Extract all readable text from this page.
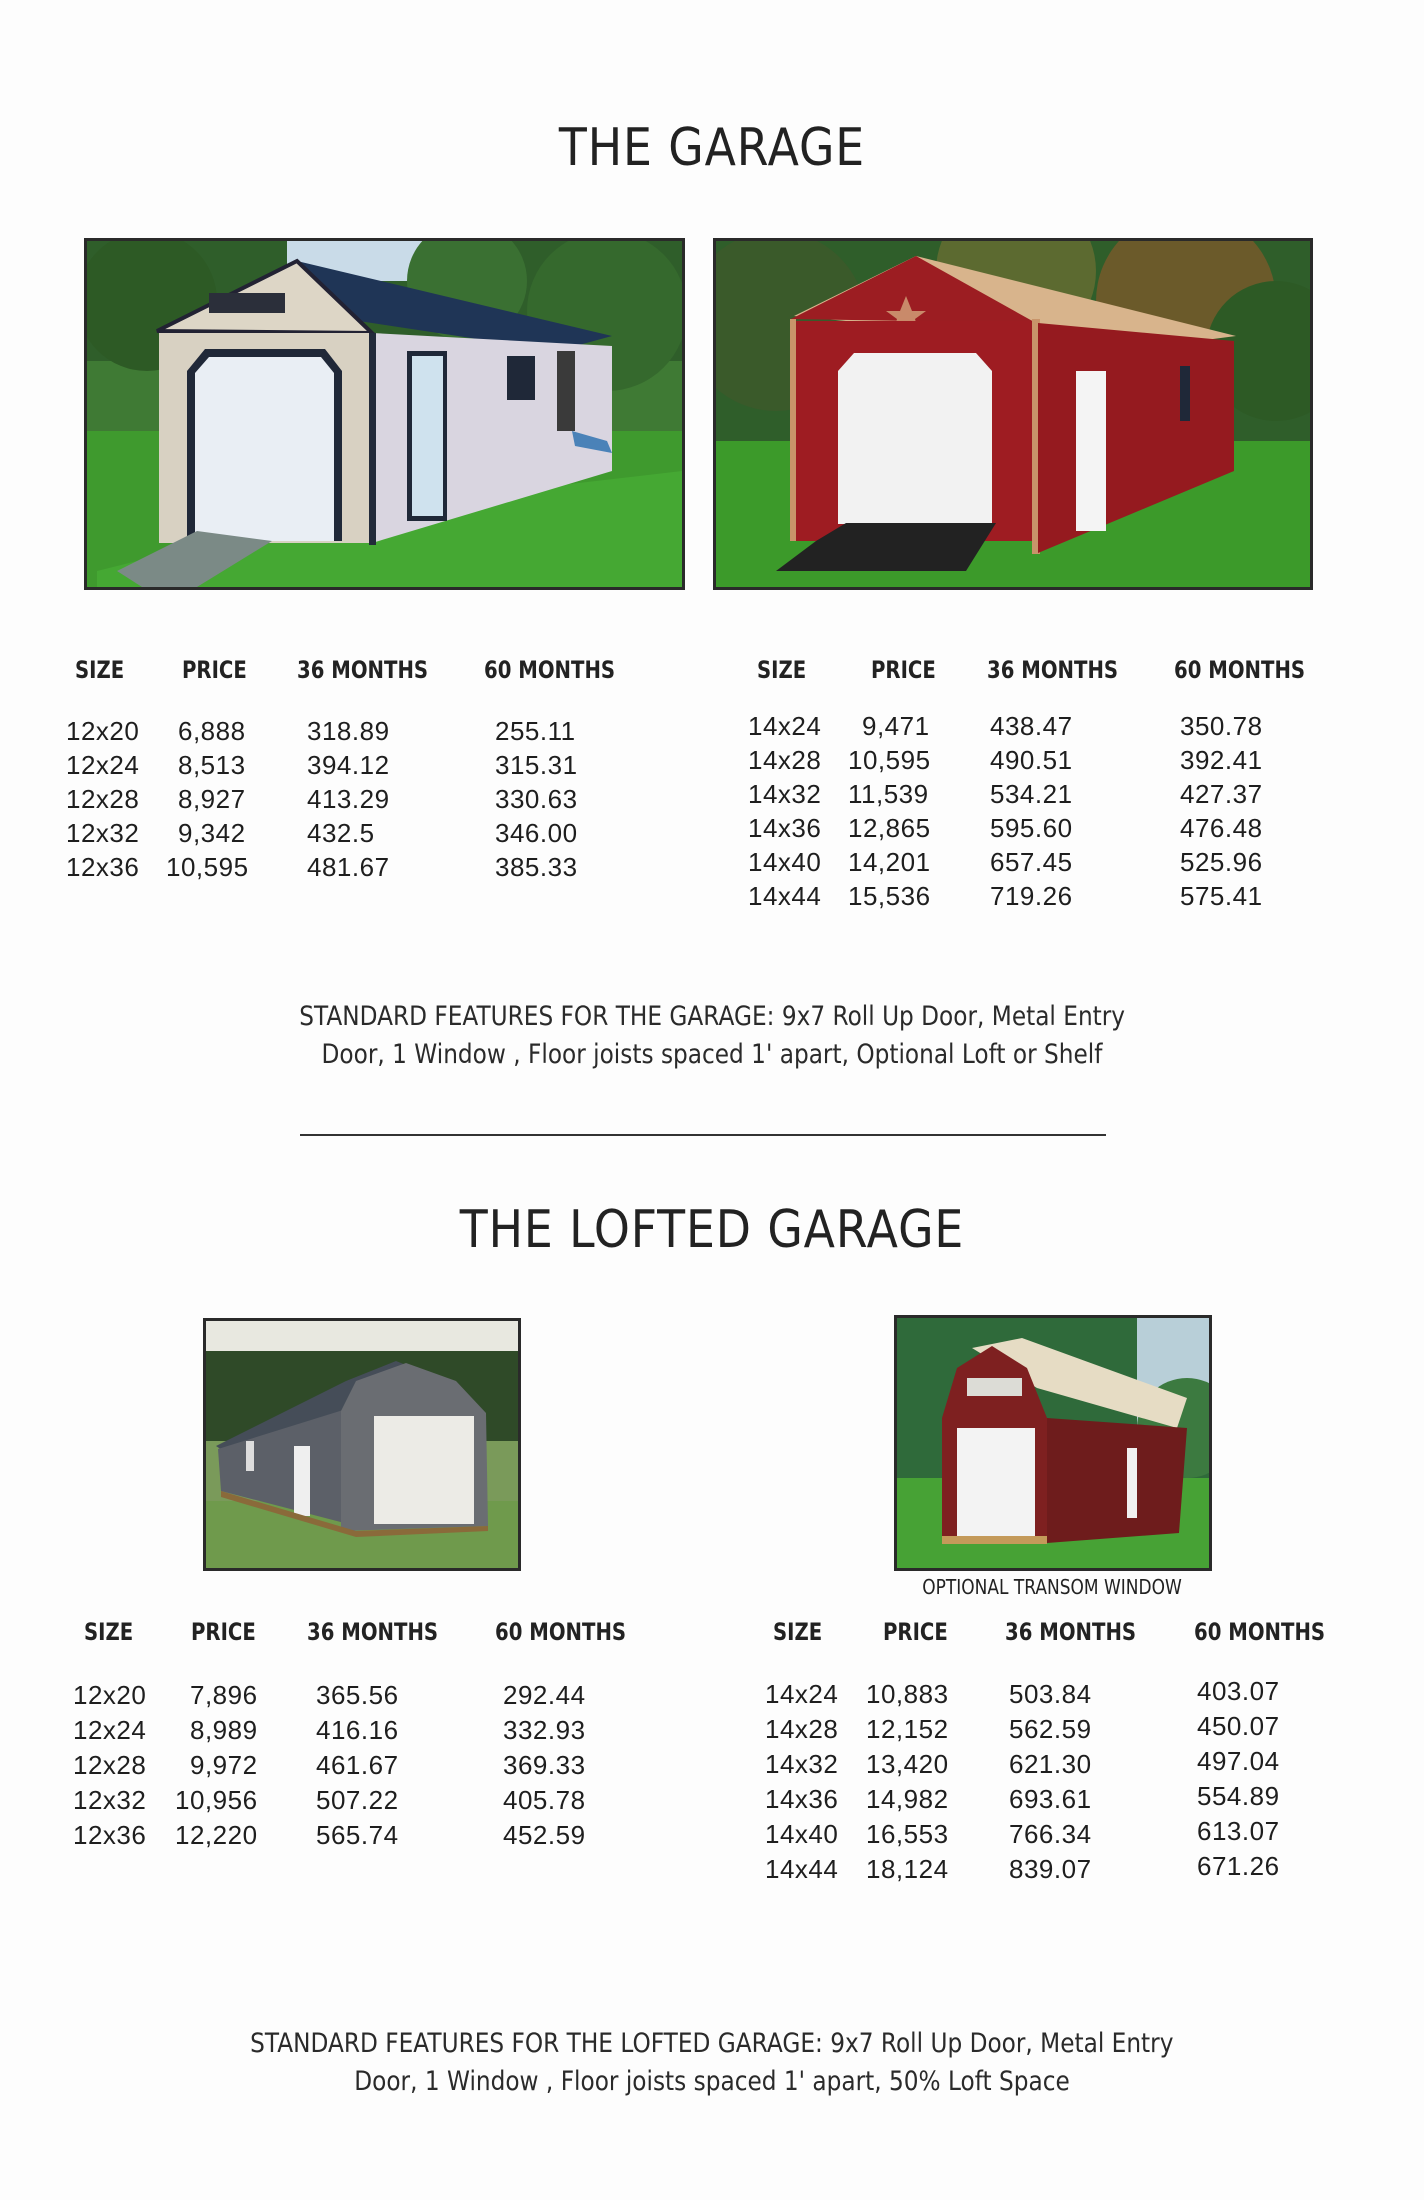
THE GARAGE
SIZE PRICE 36 MONTHS 60 MONTHS
12x20 6,888 318.89	255.11
12x24 8,513 394.12	315.31
12x28 8,927 413.29	330.63
12x32 9,342 432.5	346.00
12x36 10,595 481.67	385.33
SIZE	PRICE 36 MONTHS 60 MONTHS
14x24 9,471 438.47	350.78
14x28 10,595 490.51	392.41
14x32 11,539 534.21	427.37
14x36 12,865 595.60	476.48
14x40 14,201 657.45	525.96
14x44 15,536 719.26	575.41
STANDARD FEATURES FOR THE GARAGE: 9x7 Roll Up Door, Metal Entry
Door, 1 Window , Floor joists spaced 1' apart, Optional Loft or Shelf
THE LOFTED GARAGE
OPTIONAL TRANSOM WINDOW
SIZE PRICE 36 MONTHS 60 MONTHS
12x20 7,896 365.56	292.44
12x24 8,989 416.16	332.93
12x28 9,972 461.67	369.33
12x32 10,956 507.22	405.78
12x36 12,220 565.74	452.59
SIZE	PRICE 36 MONTHS 60 MONTHS
14x24 10,883 503.84	403.07
14x28 12,152 562.59	450.07
14x32 13,420 621.30	497.04
14x36 14,982 693.61	554.89
14x40 16,553 766.34	613.07
14x44 18,124 839.07	671.26
STANDARD FEATURES FOR THE LOFTED GARAGE: 9x7 Roll Up Door, Metal Entry
Door, 1 Window , Floor joists spaced 1' apart, 50% Loft Space
